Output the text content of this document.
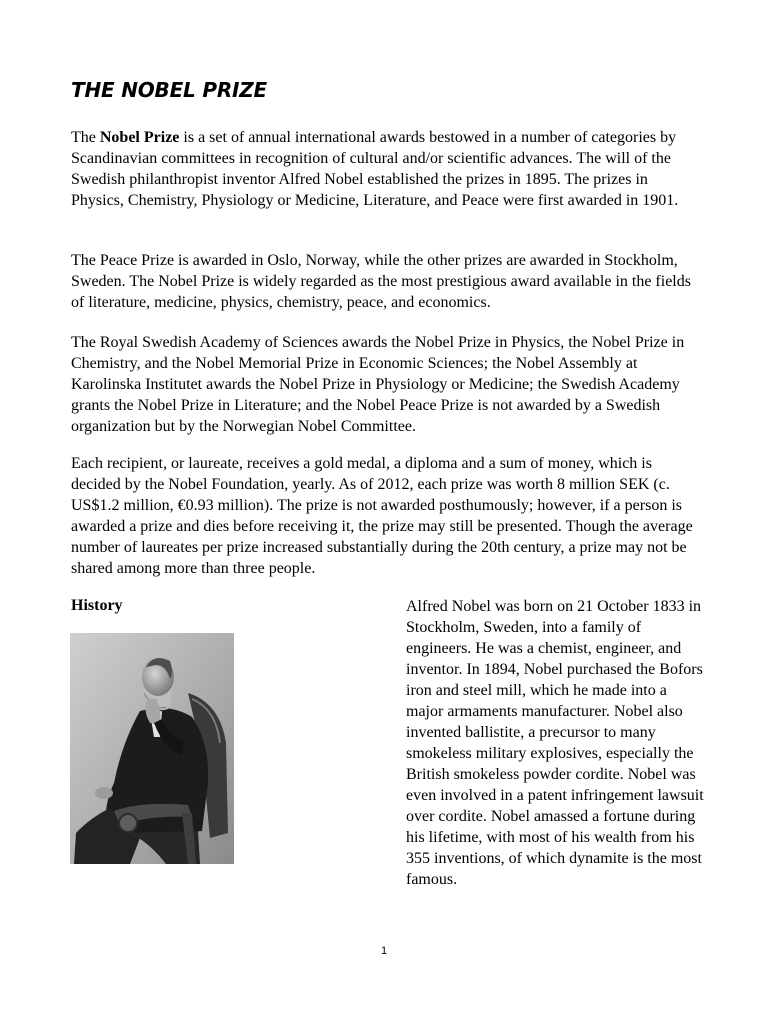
THE NOBEL PRIZE

The Nobel Prize is a set of annual international awards bestowed in a number of categories by Scandinavian committees in recognition of cultural and/or scientific advances. The will of the Swedish philanthropist inventor Alfred Nobel established the prizes in 1895. The prizes in Physics, Chemistry, Physiology or Medicine, Literature, and Peace were first awarded in 1901.

The Peace Prize is awarded in Oslo, Norway, while the other prizes are awarded in Stockholm, Sweden. The Nobel Prize is widely regarded as the most prestigious award available in the fields of literature, medicine, physics, chemistry, peace, and economics.

The Royal Swedish Academy of Sciences awards the Nobel Prize in Physics, the Nobel Prize in Chemistry, and the Nobel Memorial Prize in Economic Sciences; the Nobel Assembly at Karolinska Institutet awards the Nobel Prize in Physiology or Medicine; the Swedish Academy grants the Nobel Prize in Literature; and the Nobel Peace Prize is not awarded by a Swedish organization but by the Norwegian Nobel Committee.

Each recipient, or laureate, receives a gold medal, a diploma and a sum of money, which is decided by the Nobel Foundation, yearly. As of 2012, each prize was worth 8 million SEK (c. US$1.2 million, €0.93 million). The prize is not awarded posthumously; however, if a person is awarded a prize and dies before receiving it, the prize may still be presented. Though the average number of laureates per prize increased substantially during the 20th century, a prize may not be shared among more than three people.

History	Alfred Nobel was born on 21 October 1833 in Stockholm, Sweden, into a family of engineers. He was a chemist, engineer, and inventor. In 1894, Nobel purchased the Bofors iron and steel mill, which he made into a major armaments manufacturer. Nobel also invented ballistite, a precursor to many smokeless military explosives, especially the British smokeless powder cordite. Nobel was even involved in a patent infringement lawsuit over cordite. Nobel amassed a fortune during his lifetime, with most of his wealth from his 355 inventions, of which dynamite is the most famous.

1
